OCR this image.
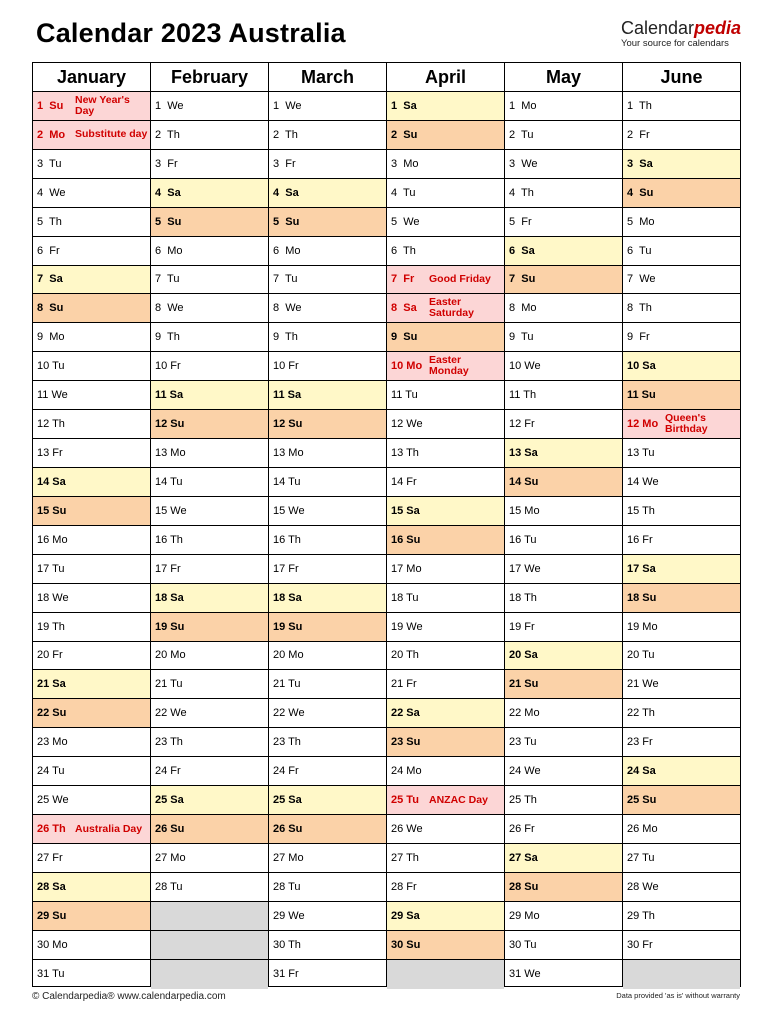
Calendar 2023 Australia	Calendarpedia
Your source for calendars
January
1  Su New Year's Day
2  Mo Substitute day
3  Tu
4  We
5  Th
6  Fr
7  Sa
8  Su
9  Mo
10 Tu
11 We
12 Th
13 Fr
14 Sa
15 Su
16 Mo
17 Tu
18 We
19 Th
20 Fr
21 Sa
22 Su
23 Mo
24 Tu
25 We
26 Th Australia Day
27 Fr
28 Sa
29 Su
30 Mo
31 Tu
February
1  We
2  Th
3  Fr
4  Sa
5  Su
6  Mo
7  Tu
8  We
9  Th
10 Fr
11 Sa
12 Su
13 Mo
14 Tu
15 We
16 Th
17 Fr
18 Sa
19 Su
20 Mo
21 Tu
22 We
23 Th
24 Fr
25 Sa
26 Su
27 Mo
28 Tu
March
1  We
2  Th
3  Fr
4  Sa
5  Su
6  Mo
7  Tu
8  We
9  Th
10 Fr
11 Sa
12 Su
13 Mo
14 Tu
15 We
16 Th
17 Fr
18 Sa
19 Su
20 Mo
21 Tu
22 We
23 Th
24 Fr
25 Sa
26 Su
27 Mo
28 Tu
29 We
30 Th
31 Fr
April
1  Sa
2  Su
3  Mo
4  Tu
5  We
6  Th
7  Fr Good Friday
8  Sa Easter Saturday
9  Su
10 Mo Easter Monday
11 Tu
12 We
13 Th
14 Fr
15 Sa
16 Su
17 Mo
18 Tu
19 We
20 Th
21 Fr
22 Sa
23 Su
24 Mo
25 Tu ANZAC Day
26 We
27 Th
28 Fr
29 Sa
30 Su
May
1  Mo
2  Tu
3  We
4  Th
5  Fr
6  Sa
7  Su
8  Mo
9  Tu
10 We
11 Th
12 Fr
13 Sa
14 Su
15 Mo
16 Tu
17 We
18 Th
19 Fr
20 Sa
21 Su
22 Mo
23 Tu
24 We
25 Th
26 Fr
27 Sa
28 Su
29 Mo
30 Tu
31 We
June
1  Th
2  Fr
3  Sa
4  Su
5  Mo
6  Tu
7  We
8  Th
9  Fr
10 Sa
11 Su
12 Mo Queen's Birthday
13 Tu
14 We
15 Th
16 Fr
17 Sa
18 Su
19 Mo
20 Tu
21 We
22 Th
23 Fr
24 Sa
25 Su
26 Mo
27 Tu
28 We
29 Th
30 Fr
© Calendarpedia® www.calendarpedia.com	Data provided 'as is' without warranty
